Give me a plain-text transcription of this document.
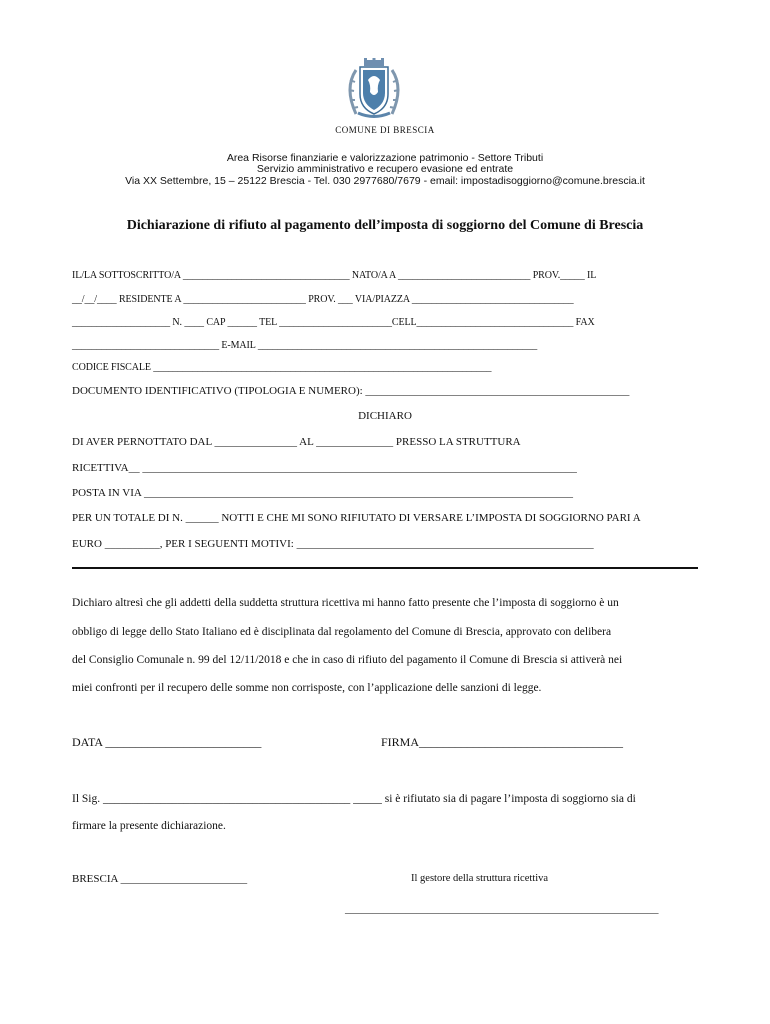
COMUNE DI BRESCIA
Area Risorse finanziarie e valorizzazione patrimonio - Settore Tributi
Servizio amministrativo e recupero evasione ed entrate
Via XX Settembre, 15 – 25122 Brescia - Tel. 030 2977680/7679 - email: impostadisoggiorno@comune.brescia.it
Dichiarazione di rifiuto al pagamento dell’imposta di soggiorno del Comune di Brescia
IL/LA SOTTOSCRITTO/A __________________________________ NATO/A A ___________________________ PROV._____ IL
__/__/____ RESIDENTE A _________________________ PROV. ___ VIA/PIAZZA _________________________________
____________________ N. ____ CAP ______ TEL _______________________CELL________________________________ FAX
______________________________ E-MAIL _________________________________________________________
CODICE FISCALE _____________________________________________________________________
DOCUMENTO IDENTIFICATIVO (TIPOLOGIA E NUMERO): ________________________________________________
DICHIARO
DI AVER PERNOTTATO DAL _______________ AL ______________ PRESSO LA STRUTTURA
RICETTIVA__ _______________________________________________________________________________
POSTA IN VIA ______________________________________________________________________________
PER UN TOTALE DI N. ______ NOTTI E CHE MI SONO RIFIUTATO DI VERSARE L’IMPOSTA DI SOGGIORNO PARI A
EURO __________, PER I SEGUENTI MOTIVI: ______________________________________________________
Dichiaro altresì che gli addetti della suddetta struttura ricettiva mi hanno fatto presente che l’imposta di soggiorno è un
obbligo di legge dello Stato Italiano ed è disciplinata dal regolamento del Comune di Brescia, approvato con delibera
del Consiglio Comunale n. 99 del 12/11/2018 e che in caso di rifiuto del pagamento il Comune di Brescia si attiverà nei
miei confronti per il recupero delle somme non corrisposte, con l’applicazione delle sanzioni di legge.
DATA __________________________	FIRMA__________________________________
Il Sig. ___________________________________________ _____ si è rifiutato sia di pagare l’imposta di soggiorno sia di
firmare la presente dichiarazione.
BRESCIA _______________________	Il gestore della struttura ricettiva
_________________________________________________________
